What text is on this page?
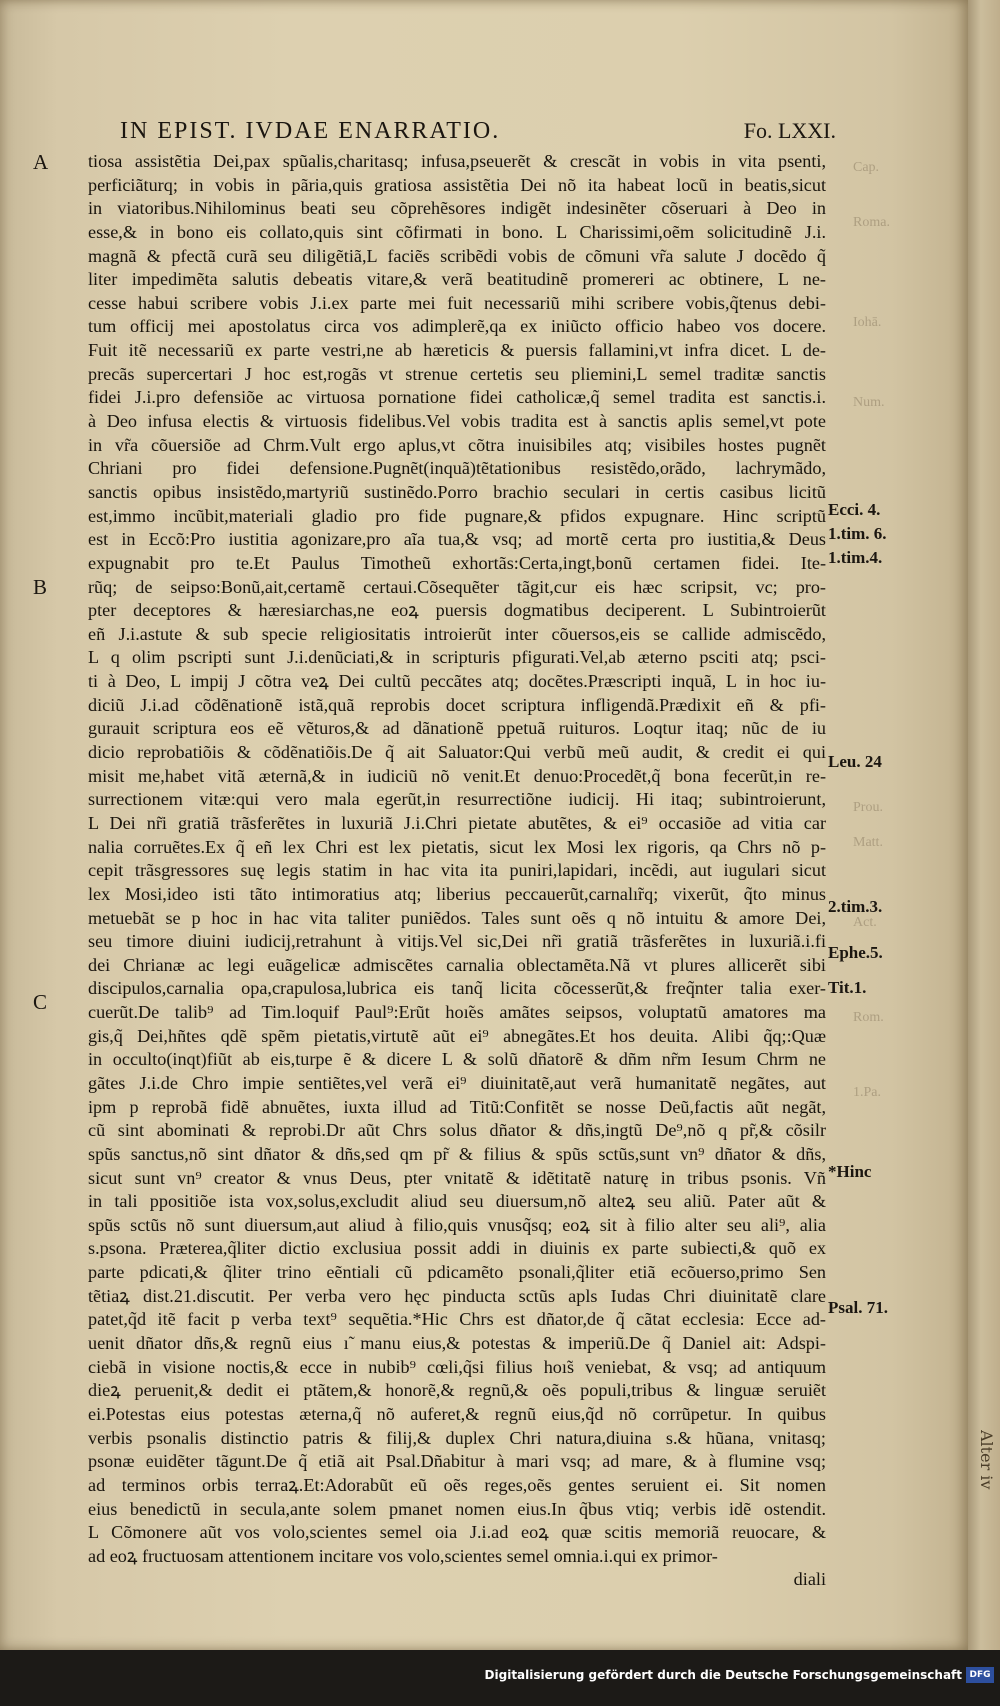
IN EPIST. IVDAE ENARRATIO.	Fo. LXXI.
A
B
C
Cap.
Roma.
Iohā.
Num.
Prou.
Matt.
Act.
Rom.
1.Pa.
Ecci. 4.
1.tim. 6.
1.tim.4.
Leu. 24
2.tim.3.
Ephe.5.
Tit.1.
*Hinc
Psal. 71.
tiosa assistẽtia Dei,pax spũalis,charitasq; infusa,pseuerẽt & crescãt in vobis in vita psenti,
perficiãturq; in vobis in pãria,quis gratiosa assistẽtia Dei nõ ita habeat locũ in beatis,sicut
in viatoribus.Nihilominus beati seu cõprehẽsores indigẽt indesinẽter cõseruari à Deo in
esse,& in bono eis collato,quis sint cõfirmati in bono. L Charissimi,oẽm solicitudinẽ J.i.
magnã & pfectã curã seu diligẽtiã,L faciẽs scribẽdi vobis de cõmuni vr̃a salute J docẽdo q̃
liter impedimẽta salutis debeatis vitare,& verã beatitudinẽ promereri ac obtinere, L ne-
cesse habui scribere vobis J.i.ex parte mei fuit necessariũ mihi scribere vobis,q̃tenus debi-
tum officij mei apostolatus circa vos adimplerẽ,qa ex iniũcto officio habeo vos docere.
Fuit itẽ necessariũ ex parte vestri,ne ab hæreticis & puersis fallamini,vt infra dicet. L de-
precãs supercertari J hoc est,rogãs vt strenue certetis seu pliemini,L semel traditæ sanctis
fidei J.i.pro defensiõe ac virtuosa pornatione fidei catholicæ,q̃ semel tradita est sanctis.i.
à Deo infusa electis & virtuosis fidelibus.Vel vobis tradita est à sanctis aplis semel,vt pote
in vr̃a cõuersiõe ad Chrm.Vult ergo aplus,vt cõtra inuisibiles atq; visibiles hostes pugnẽt
Chriani pro fidei defensione.Pugnẽt(inquã)tẽtationibus resistẽdo,orãdo, lachrymãdo,
sanctis opibus insistẽdo,martyriũ sustinẽdo.Porro brachio seculari in certis casibus licitũ
est,immo incũbit,materiali gladio pro fide pugnare,& pfidos expugnare. Hinc scriptũ
est in Eccõ:Pro iustitia agonizare,pro aĩa tua,& vsq; ad mortẽ certa pro iustitia,& Deus
expugnabit pro te.Et Paulus Timotheũ exhortãs:Certa,ingt,bonũ certamen fidei. Ite-
rũq; de seipso:Bonũ,ait,certamẽ certaui.Cõsequẽter tãgit,cur eis hæc scripsit, vc; pro-
pter deceptores & hæresiarchas,ne eoꝝ puersis dogmatibus deciperent. L Subintroierũt
eñ J.i.astute & sub specie religiositatis introierũt inter cõuersos,eis se callide admiscẽdo,
L q olim pscripti sunt J.i.denũciati,& in scripturis pfigurati.Vel,ab æterno psciti atq; psci-
ti à Deo, L impij J cõtra veꝝ Dei cultũ peccãtes atq; docẽtes.Præscripti inquã, L in hoc iu-
diciũ J.i.ad cõdẽnationẽ istã,quã reprobis docet scriptura infligendã.Prædixit eñ & pfi-
gurauit scriptura eos eẽ vẽturos,& ad dãnationẽ ppetuã ruituros. Loqtur itaq; nũc de iu
dicio reprobatiõis & cõdẽnatiõis.De q̃ ait Saluator:Qui verbũ meũ audit, & credit ei qui
misit me,habet vitã æternã,& in iudiciũ nõ venit.Et denuo:Procedẽt,q̃ bona fecerũt,in re-
surrectionem vitæ:qui vero mala egerũt,in resurrectiõne iudicij. Hi itaq; subintroierunt,
L Dei nr̃i gratiã trãsferẽtes in luxuriã J.i.Chri pietate abutẽtes, & ei⁹ occasiõe ad vitia car
nalia corruẽtes.Ex q̃ eñ lex Chri est lex pietatis, sicut lex Mosi lex rigoris, qa Chrs nõ p-
cepit trãsgressores suę legis statim in hac vita ita puniri,lapidari, incẽdi, aut iugulari sicut
lex Mosi,ideo isti tãto intimoratius atq; liberius peccauerũt,carnalı̃rq; vixerũt, q̃to minus
metuebãt se p hoc in hac vita taliter puniẽdos. Tales sunt oẽs q nõ intuitu & amore Dei,
seu timore diuini iudicij,retrahunt à vitijs.Vel sic,Dei nr̃i gratiã trãsferẽtes in luxuriã.i.fi
dei Chrianæ ac legi euãgelicæ admiscẽtes carnalia oblectamẽta.Nã vt plures allicerẽt sibi
discipulos,carnalia opa,crapulosa,lubrica eis tanq̃ licita cõcesserũt,& freq̃nter talia exer-
cuerũt.De talib⁹ ad Tim.loquif Paul⁹:Erũt hoı̃es amãtes seipsos, voluptatũ amatores ma
gis,q̃ Dei,hñtes qdẽ spẽm pietatis,virtutẽ aũt ei⁹ abnegãtes.Et hos deuita. Alibi q̃q;:Quæ
in occulto(inqt)fiũt ab eis,turpe ẽ & dicere L & solũ dñatorẽ & dñm nr̃m Iesum Chrm ne
gãtes J.i.de Chro impie sentiẽtes,vel verã ei⁹ diuinitatẽ,aut verã humanitatẽ negãtes, aut
ipm p reprobã fidẽ abnuẽtes, iuxta illud ad Titũ:Confitẽt se nosse Deũ,factis aũt negãt,
cũ sint abominati & reprobi.Dr aũt Chrs solus dñator & dñs,ingtũ De⁹,nõ q pr̃,& cõsilr
spũs sanctus,nõ sint dñator & dñs,sed qm pr̃ & filius & spũs sctũs,sunt vn⁹ dñator & dñs,
sicut sunt vn⁹ creator & vnus Deus, pter vnitatẽ & idẽtitatẽ naturę in tribus psonis. Vñ
in tali ppositiõe ista vox,solus,excludit aliud seu diuersum,nõ alteꝝ seu aliũ. Pater aũt &
spũs sctũs nõ sunt diuersum,aut aliud à filio,quis vnusq̃sq; eoꝝ sit à filio alter seu ali⁹, alia
s.psona. Præterea,q̃liter dictio exclusiua possit addi in diuinis ex parte subiecti,& quõ ex
parte pdicati,& q̃liter trino eẽntiali cũ pdicamẽto psonali,q̃liter etiã ecõuerso,primo Sen
tẽtiaꝝ dist.21.discutit. Per verba vero hęc pinducta sctũs apls Iudas Chri diuinitatẽ clare
patet,q̃d itẽ facit p verba text⁹ sequẽtia.*Hic Chrs est dñator,de q̃ cãtat ecclesia: Ecce ad-
uenit dñator dñs,& regnũ eius ı̃ manu eius,& potestas & imperiũ.De q̃ Daniel ait: Adspi-
ciebã in visione noctis,& ecce in nubib⁹ cœli,q̃si filius hoı̃s veniebat, & vsq; ad antiquum
dieꝝ peruenit,& dedit ei ptãtem,& honorẽ,& regnũ,& oẽs populi,tribus & linguæ seruiẽt
ei.Potestas eius potestas æterna,q̃ nõ auferet,& regnũ eius,q̃d nõ corrũpetur. In quibus
verbis psonalis distinctio patris & filij,& duplex Chri natura,diuina s.& hũana, vnitasq;
psonæ euidẽter tãgunt.De q̃ etiã ait Psal.Dñabitur à mari vsq; ad mare, & à flumine vsq;
ad terminos orbis terraꝝ.Et:Adorabũt eũ oẽs reges,oẽs gentes seruient ei. Sit nomen
eius benedictũ in secula,ante solem pmanet nomen eius.In q̃bus vtiq; verbis idẽ ostendit.
L Cõmonere aũt vos volo,scientes semel oia J.i.ad eoꝝ quæ scitis memoriã reuocare, &
ad eoꝝ fructuosam attentionem incitare vos volo,scientes semel omnia.i.qui ex primor-
diali
Alter iv
Digitalisierung gefördert durch die Deutsche Forschungsgemeinschaft DFG
